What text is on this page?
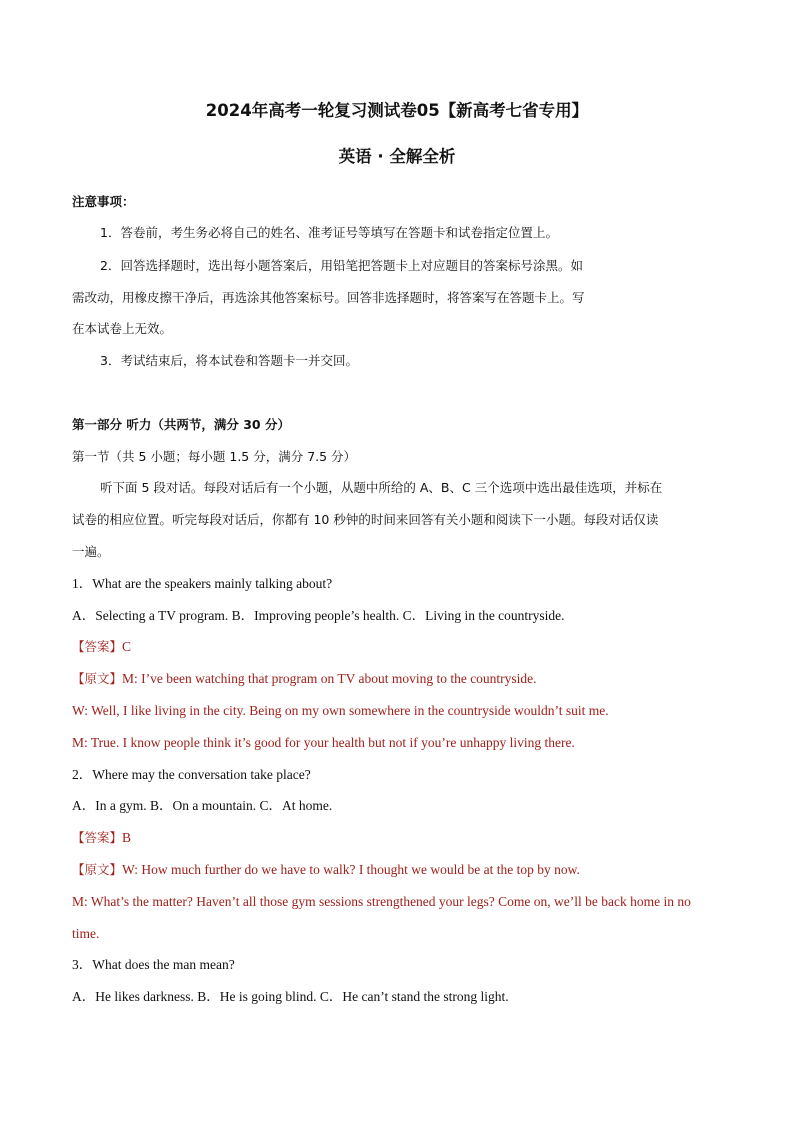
2024年高考一轮复习测试卷05【新高考七省专用】
英语 · 全解全析
注意事项：
1．答卷前，考生务必将自己的姓名、准考证号等填写在答题卡和试卷指定位置上。
2．回答选择题时，选出每小题答案后，用铅笔把答题卡上对应题目的答案标号涂黑。如
需改动，用橡皮擦干净后，再选涂其他答案标号。回答非选择题时，将答案写在答题卡上。写
在本试卷上无效。
3．考试结束后，将本试卷和答题卡一并交回。
第一部分 听力（共两节，满分 30 分）
第一节（共 5 小题；每小题 1.5 分，满分 7.5 分）
听下面 5 段对话。每段对话后有一个小题，从题中所给的 A、B、C 三个选项中选出最佳选项，并标在
试卷的相应位置。听完每段对话后，你都有 10 秒钟的时间来回答有关小题和阅读下一小题。每段对话仅读
一遍。
1．What are the speakers mainly talking about?
A．Selecting a TV program. B．Improving people’s health. C．Living in the countryside.
【答案】C
【原文】M: I’ve been watching that program on TV about moving to the countryside.
W: Well, I like living in the city. Being on my own somewhere in the countryside wouldn’t suit me.
M: True. I know people think it’s good for your health but not if you’re unhappy living there.
2．Where may the conversation take place?
A．In a gym. B．On a mountain. C．At home.
【答案】B
【原文】W: How much further do we have to walk? I thought we would be at the top by now.
M: What’s the matter? Haven’t all those gym sessions strengthened your legs? Come on, we’ll be back home in no
time.
3．What does the man mean?
A．He likes darkness. B．He is going blind. C．He can’t stand the strong light.
